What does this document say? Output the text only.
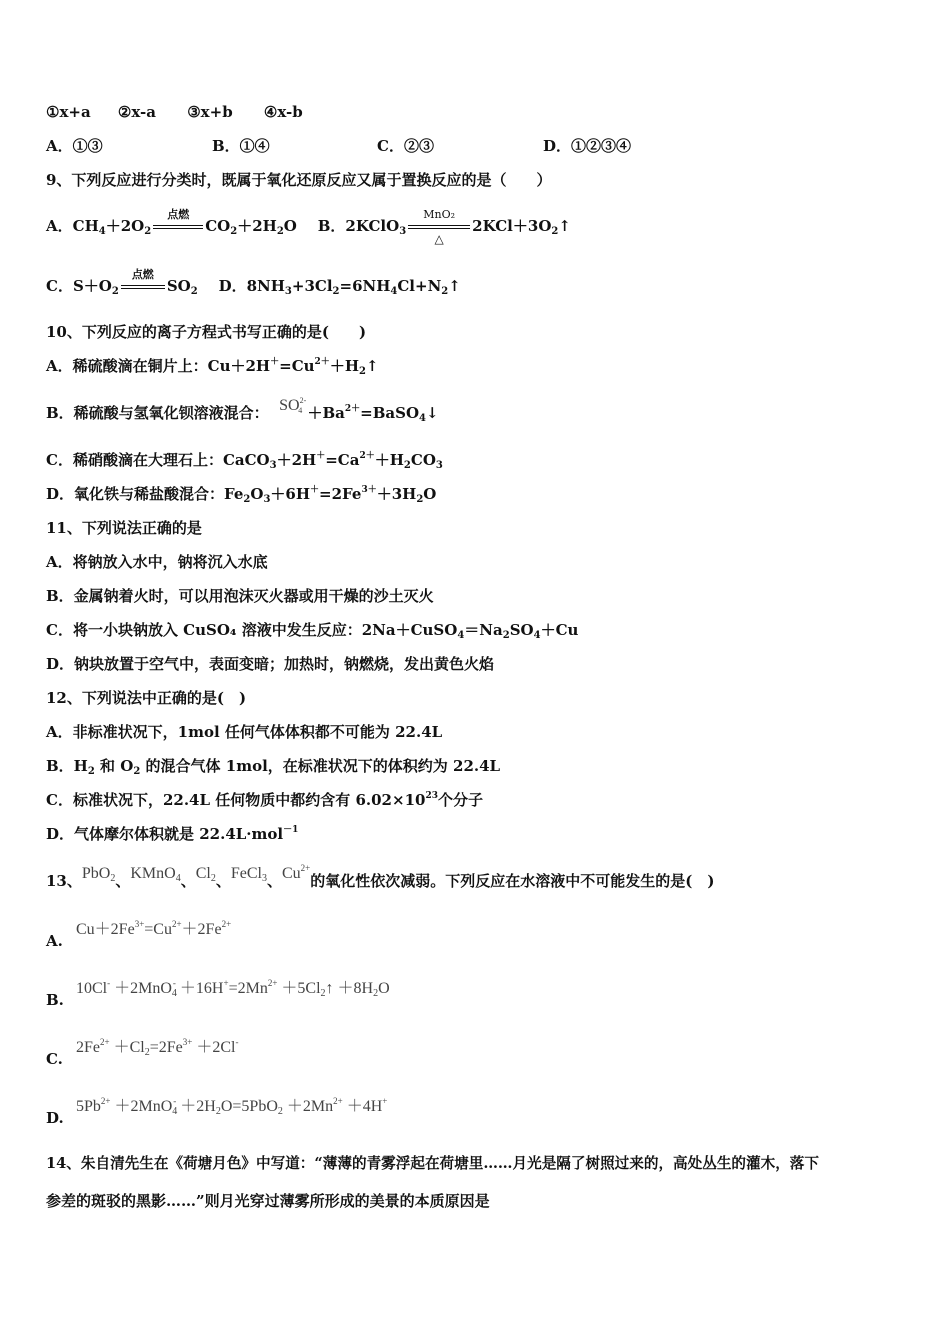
①x+a ②x-a ③x+b ④x-b
A．①③	B．①④	C．②③	D．①②③④
9、下列反应进行分类时，既属于氧化还原反应又属于置换反应的是（　　）
A．$CH_4+2O_2$
点燃
$CO_2+2H_2O$    B．2KClO$_3$
MnO₂
△
$2KCl+3O_2↑$
C．$S+O_2$
点燃
$SO_2$    D．$8NH_3+3Cl_2=6NH_4Cl+N_2↑$
10、下列反应的离子方程式书写正确的是(　　)
A．稀硫酸滴在铜片上：$Cu+2H^+=Cu^{2+}+H_2↑$
B．稀硫酸与氢氧化钡溶液混合： $SO^{2-}_4$ $+Ba^{2+}=BaSO_4↓$
C．稀硝酸滴在大理石上：$CaCO_3+2H^+=Ca^{2+}+H_2CO_3$
D．氧化铁与稀盐酸混合：$Fe_2O_3+6H^+=2Fe^{3+}+3H_2O$
11、下列说法正确的是
A．将钠放入水中，钠将沉入水底
B．金属钠着火时，可以用泡沫灭火器或用干燥的沙土灭火
C．将一小块钠放入 CuSO₄ 溶液中发生反应：$2Na+CuSO_4=Na_2SO_4+Cu$
D．钠块放置于空气中，表面变暗；加热时，钠燃烧，发出黄色火焰
12、下列说法中正确的是(　)
A．非标准状况下，1mol 任何气体体积都不可能为 22.4L
B．$H_2$ 和 $O_2$ 的混合气体 1mol，在标准状况下的体积约为 22.4L
C．标准状况下，22.4L 任何物质中都约含有 $6.02\times 10^{23}$个分子
D．气体摩尔体积就是 22.4L·mol$^{-1}$
13、PbO$_2$、KMnO$_4$、$Cl_2$、FeCl$_3$、$Cu^{2+}$的氧化性依次减弱。下列反应在水溶液中不可能发生的是(　)
A.
$Cu+2Fe^{3+}=Cu^{2+}+2Fe^{2+}$
B.
$10Cl^- +2MnO_4^- +16H^+=2Mn^{2+}$ $+5Cl_2↑ +8H_2O$
C.
$2Fe^{2+} +Cl_2=2Fe^{3+} +2Cl^-$
D.
$5Pb^{2+} +2MnO_4^- +2H_2O=5PbO_2 +2Mn^{2+} +4H^+$
14、朱自清先生在《荷塘月色》中写道：“薄薄的青雾浮起在荷塘里……月光是隔了树照过来的，高处丛生的灌木，落下
参差的斑驳的黑影……”则月光穿过薄雾所形成的美景的本质原因是
